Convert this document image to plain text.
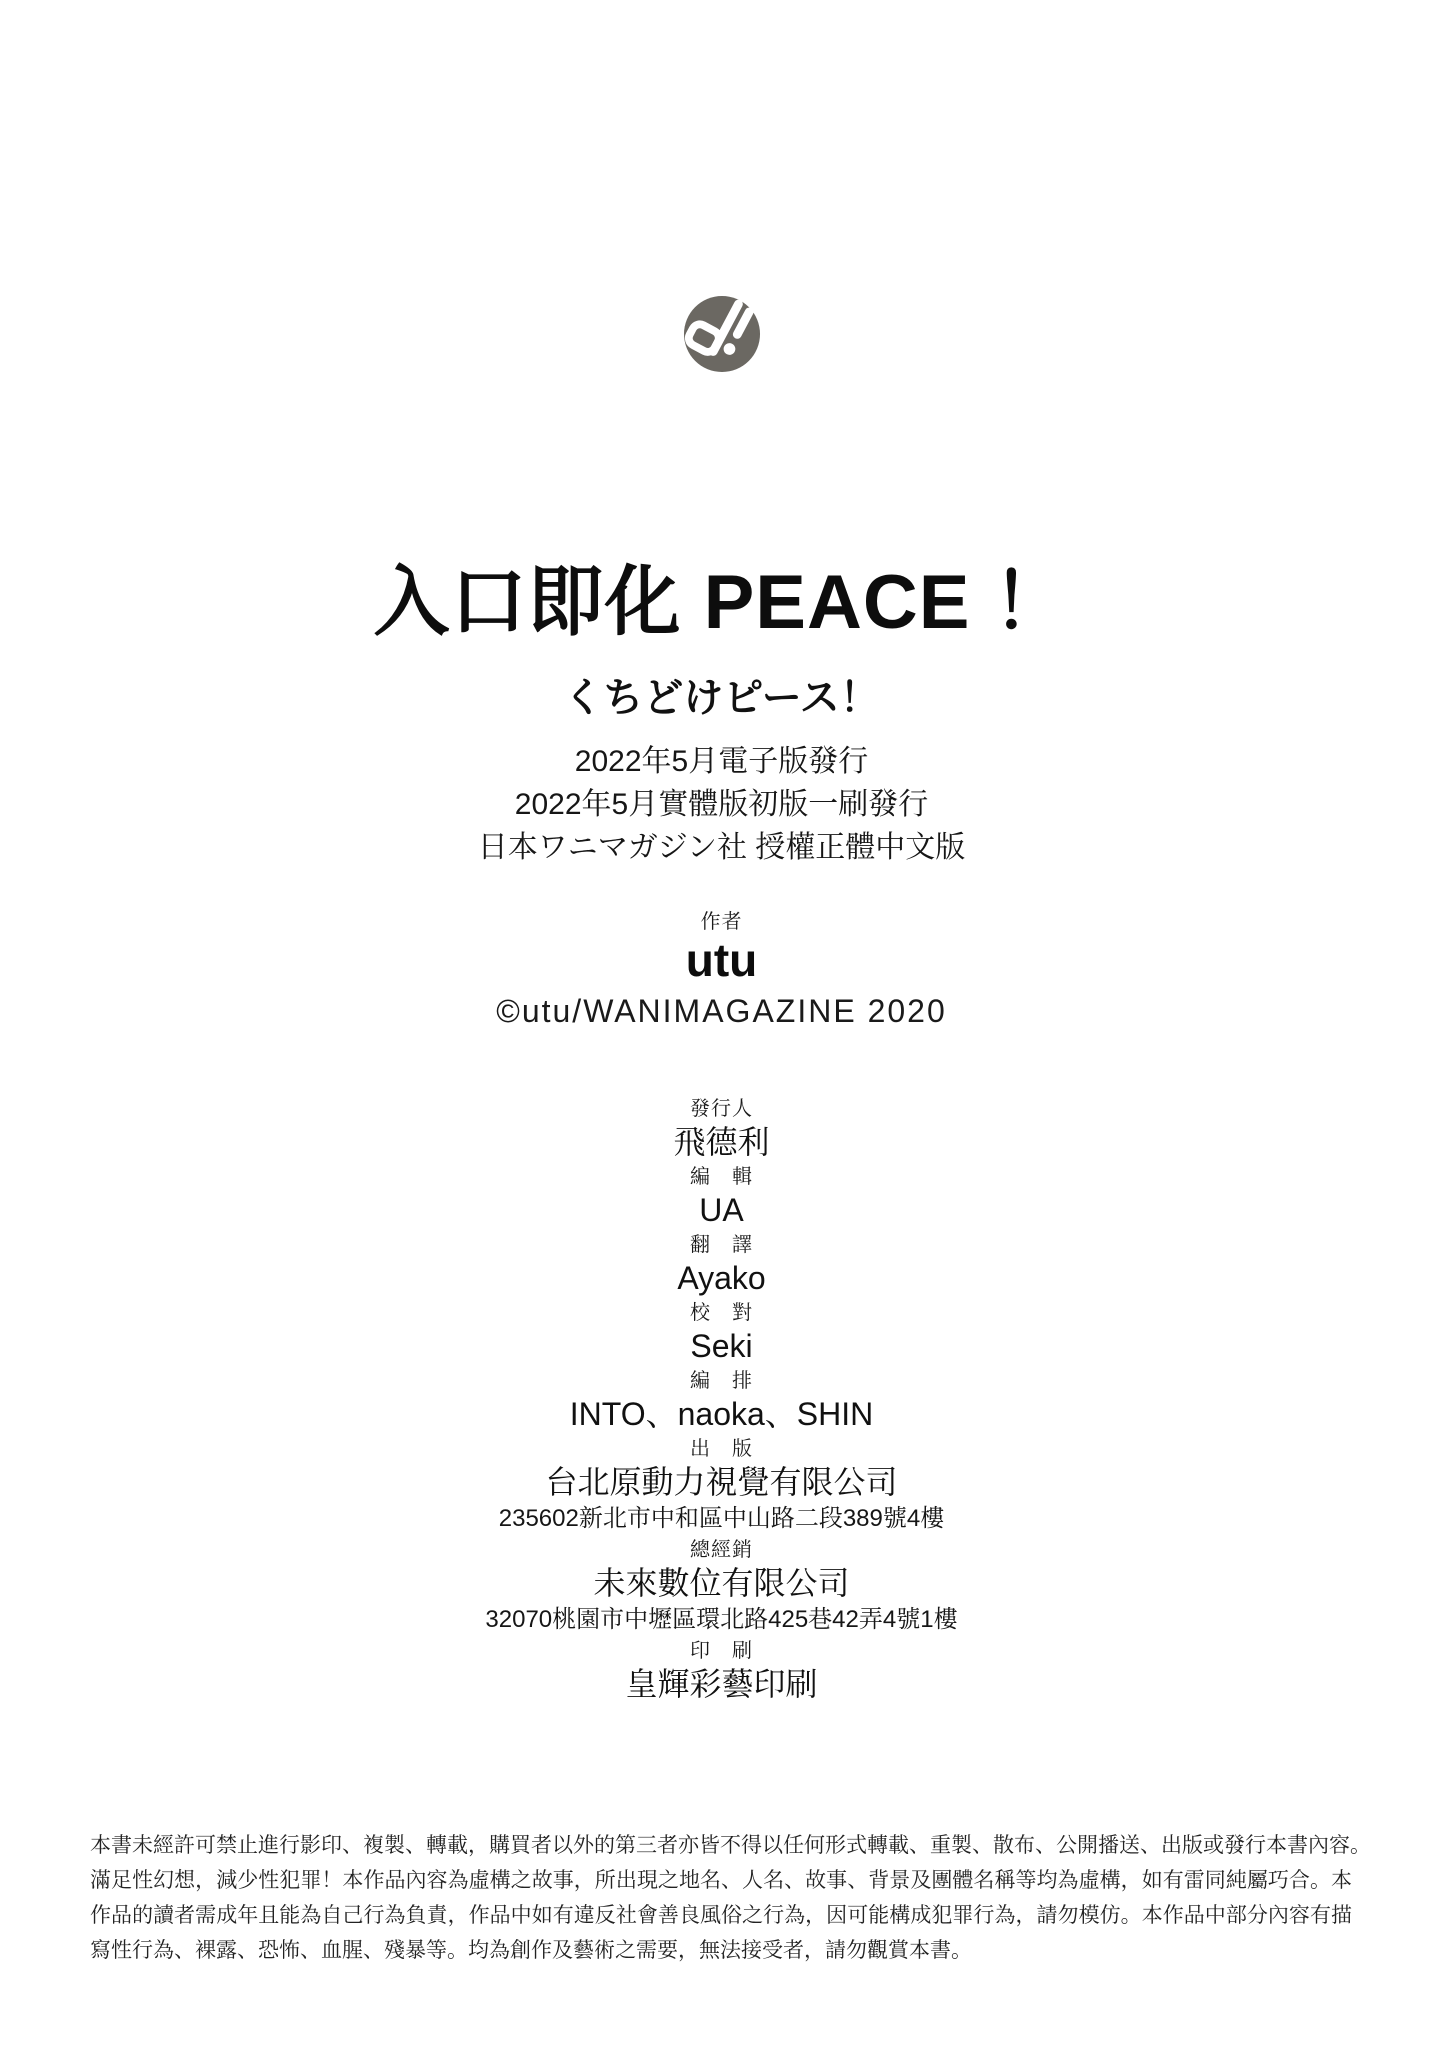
入口即化 PEACE ！
くちどけピース！
2022年5月電子版發行
2022年5月實體版初版一刷發行
日本ワニマガジン社 授權正體中文版
作者
utu
©utu/WANIMAGAZINE 2020
發行人
飛德利
編　輯
UA
翻　譯
Ayako
校　對
Seki
編　排
INTO、naoka、SHIN
出　版
台北原動力視覺有限公司
235602新北市中和區中山路二段389號4樓
總經銷
未來數位有限公司
32070桃園市中壢區環北路425巷42弄4號1樓
印　刷
皇輝彩藝印刷
本書未經許可禁止進行影印、複製、轉載，購買者以外的第三者亦皆不得以任何形式轉載、重製、散布、公開播送、出版或發行本書內容。
滿足性幻想，減少性犯罪！本作品內容為虛構之故事，所出現之地名、人名、故事、背景及團體名稱等均為虛構，如有雷同純屬巧合。本
作品的讀者需成年且能為自己行為負責，作品中如有違反社會善良風俗之行為，因可能構成犯罪行為，請勿模仿。本作品中部分內容有描
寫性行為、裸露、恐怖、血腥、殘暴等。均為創作及藝術之需要，無法接受者，請勿觀賞本書。
